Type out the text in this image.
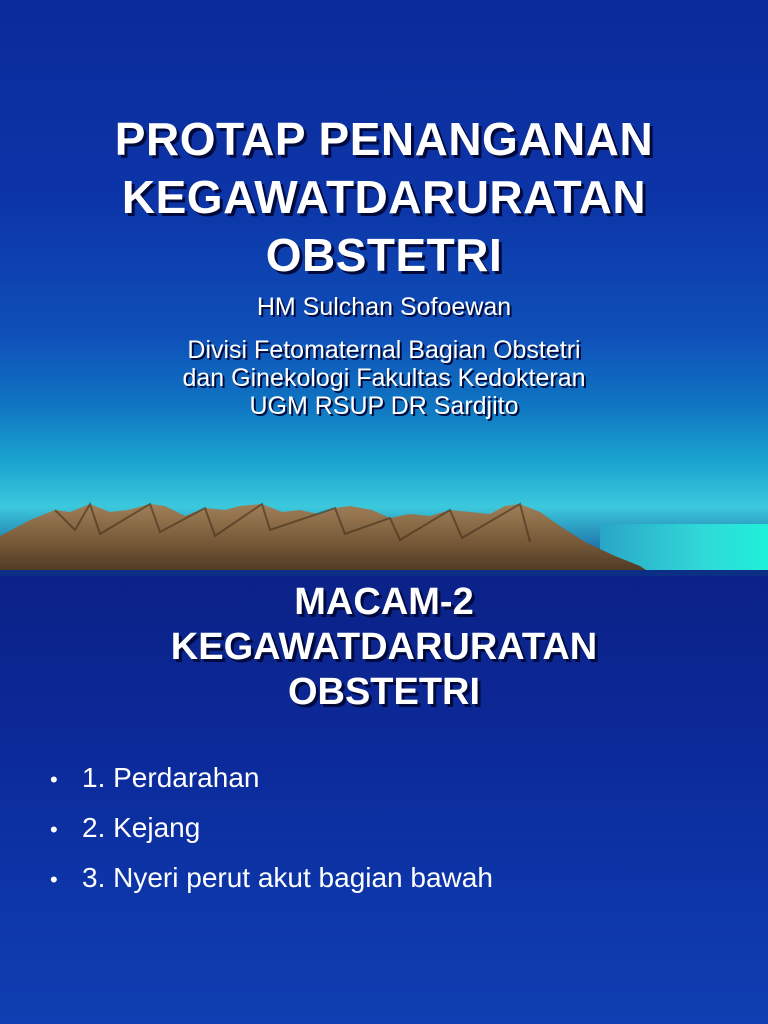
PROTAP PENANGANAN
KEGAWATDARURATAN
OBSTETRI
HM Sulchan Sofoewan
Divisi Fetomaternal Bagian Obstetri
dan Ginekologi Fakultas Kedokteran
UGM RSUP DR Sardjito
MACAM-2
KEGAWATDARURATAN
OBSTETRI
• 1. Perdarahan
• 2. Kejang
• 3. Nyeri perut akut bagian bawah
